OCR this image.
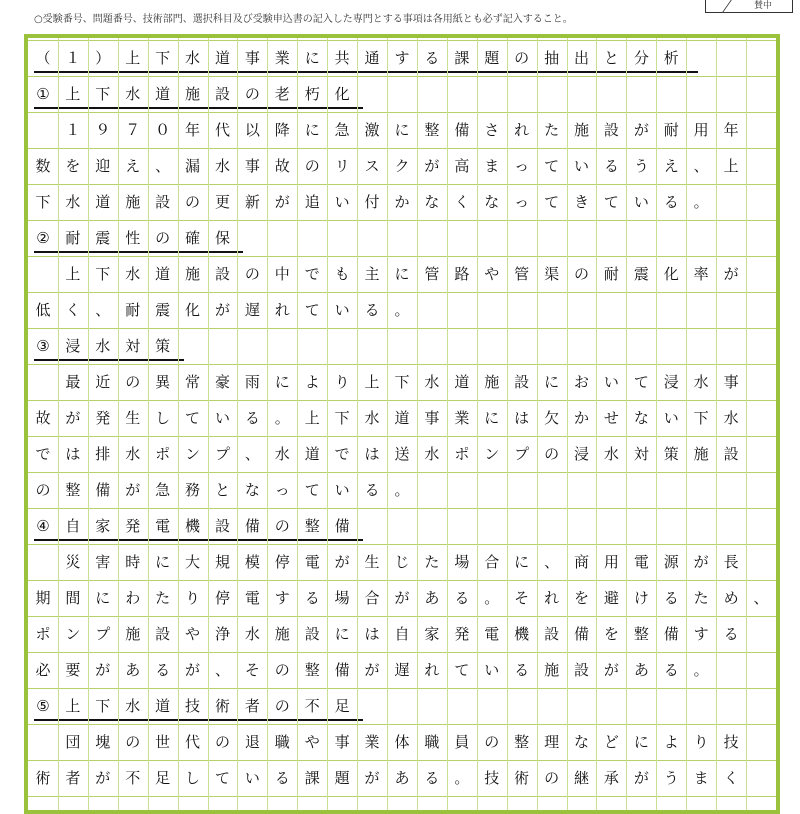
○受験番号、問題番号、技術部門、選択科目及び受験申込書の記入した専門とする事項は各用紙とも必ず記入すること。
賛中
（ １ ） 上 下 水 道 事 業 に 共 通 す る 課 題 の 抽 出 と 分 析
①	上 下 水 道 施 設 の 老 朽 化
１ ９ ７ ０ 年 代 以 降 に 急 激 に 整 備 さ れ た 施 設 が 耐 用 年
数 を 迎 え 、 漏 水 事 故 の リ ス ク が 高 ま っ て い る う え 、 上
下 水 道 施 設 の 更 新 が 追 い 付 か な く な っ て き て い る 。
②	耐 震 性 の 確 保
上 下 水 道 施 設 の 中 で も 主 に 管 路 や 管 渠 の 耐 震 化 率 が
低 く 、 耐 震 化 が 遅 れ て い る 。
③	浸 水 対 策
最 近 の 異 常 豪 雨 に よ り 上 下 水 道 施 設 に お い て 浸 水 事
故 が 発 生 し て い る 。 上 下 水 道 事 業 に は 欠 か せ な い 下 水
で は 排 水 ポ ン プ 、 水 道 で は 送 水 ポ ン プ の 浸 水 対 策 施 設
の 整 備 が 急 務 と な っ て い る 。
④	自 家 発 電 機 設 備 の 整 備
災 害 時 に 大 規 模 停 電 が 生 じ た 場 合 に 、 商 用 電 源 が 長
期 間 に わ た り 停 電 す る 場 合 が あ る 。 そ れ を 避 け る た め 、
ポ ン プ 施 設 や 浄 水 施 設 に は 自 家 発 電 機 設 備 を 整 備 す る
必 要 が あ る が 、 そ の 整 備 が 遅 れ て い る 施 設 が あ る 。
⑤	上 下 水 道 技 術 者 の 不 足
団 塊 の 世 代 の 退 職 や 事 業 体 職 員 の 整 理 な ど に よ り 技
術 者 が 不 足 し て い る 課 題 が あ る 。 技 術 の 継 承 が う ま く
